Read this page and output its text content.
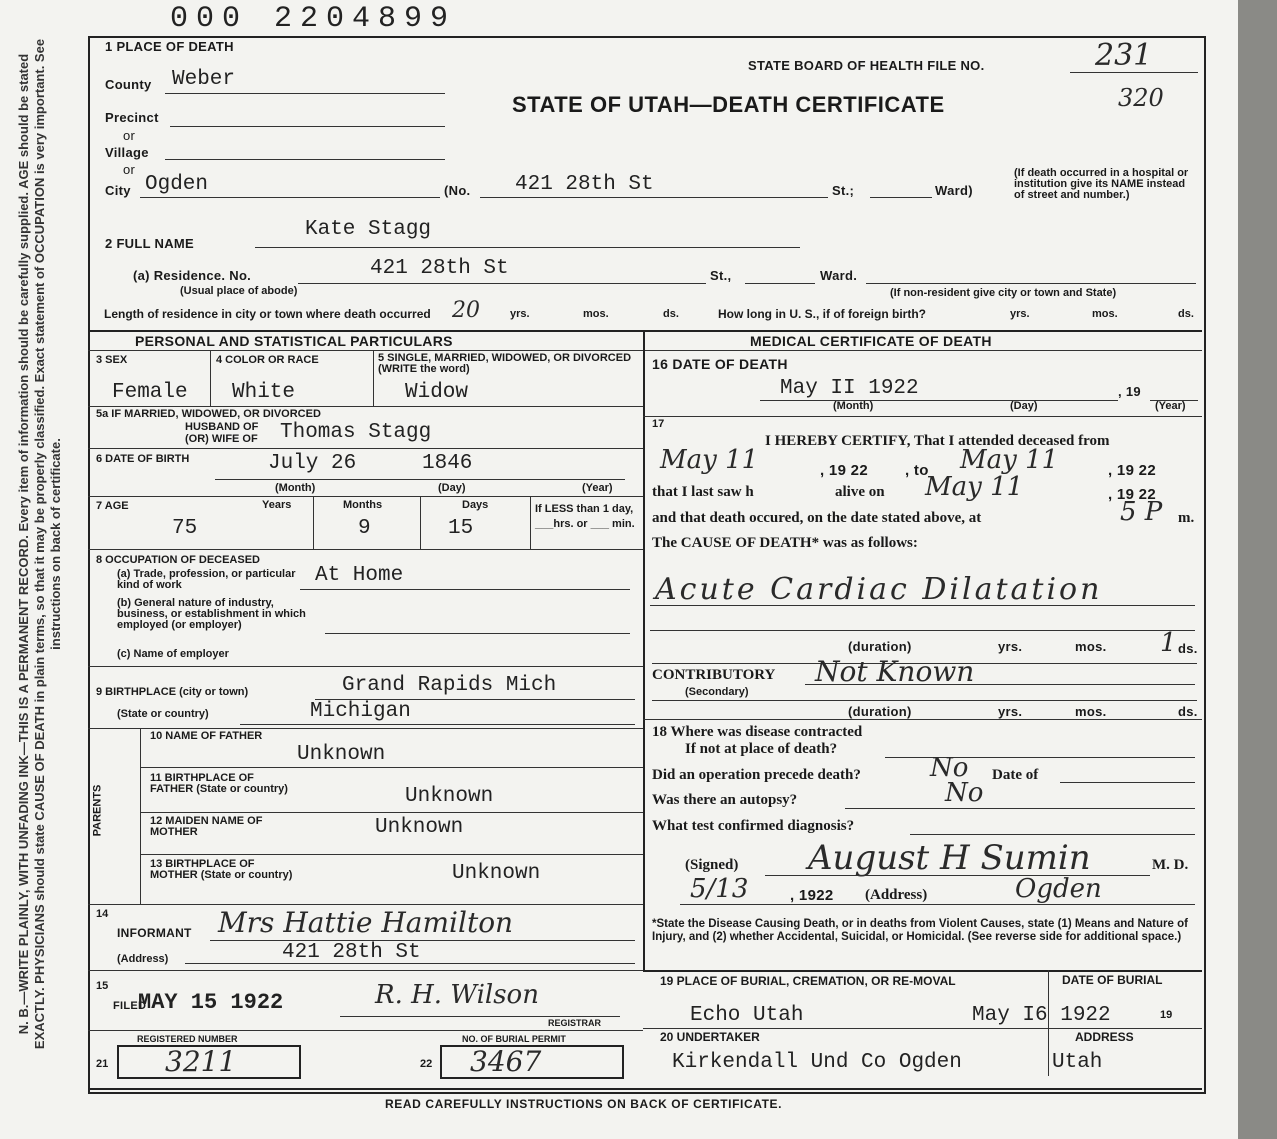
N. B.—WRITE PLAINLY, WITH UNFADING INK—THIS IS A PERMANENT RECORD. Every item of information should be carefully supplied. AGE should be stated EXACTLY. PHYSICIANS should state CAUSE OF DEATH in plain terms, so that it may be properly classified. Exact statement of OCCUPATION is very important. See instructions on back of certificate.
000 2204899
1 PLACE OF DEATH
STATE BOARD OF HEALTH FILE NO.	231
STATE OF UTAH—DEATH CERTIFICATE	320
County Weber
Precinct
or
Village
or
City Ogden	(No. 421 28th St	St.;	Ward)
(If death occurred in a hospital or institution give its NAME instead of street and number.)
2 FULL NAME
Kate Stagg
(a) Residence. No.	421 28th St	St.,	Ward.
(Usual place of abode)	(If non-resident give city or town and State)
Length of residence in city or town where death occurred 20	yrs.	mos.	ds.	How long in U. S., if of foreign birth?	yrs.	mos.	ds.
PERSONAL AND STATISTICAL PARTICULARS	MEDICAL CERTIFICATE OF DEATH
3 SEX	4 COLOR OR RACE	5 SINGLE, MARRIED, WIDOWED, OR DIVORCED (WRITE the word)
Female White	Widow
5a IF MARRIED, WIDOWED, OR DIVORCED
HUSBAND OF
(OR) WIFE OF Thomas Stagg
6 DATE OF BIRTH	July 26	1846
(Month)	(Day)	(Year)
7 AGE	Years	Months	Days
75	9	15
If LESS than 1 day, ___hrs. or ___ min.
8 OCCUPATION OF DECEASED
(a) Trade, profession, or particular kind of work	At Home
(b) General nature of industry, business, or establishment in which employed (or employer)
(c) Name of employer
9 BIRTHPLACE (city or town)	Grand Rapids Mich
(State or country)	Michigan
PARENTS
10 NAME OF FATHER
Unknown
11 BIRTHPLACE OF FATHER (State or country)	Unknown
12 MAIDEN NAME OF MOTHER	Unknown
13 BIRTHPLACE OF MOTHER (State or country)	Unknown
14
INFORMANT Mrs Hattie Hamilton
(Address)	421 28th St
15
FILED
MAY 15 1922	R. H. Wilson
REGISTRAR
REGISTERED NUMBER
21 3211
NO. OF BURIAL PERMIT
22 3467
16 DATE OF DEATH
May II 1922	, 19
(Month)	(Day)	(Year)
17
I HEREBY CERTIFY, That I attended deceased from
May 11	, 19 22 , to May 11	, 19 22
that I last saw h	alive on May 11	, 19 22
and that death occured, on the date stated above, at	5 P m.
The CAUSE OF DEATH* was as follows:
Acute Cardiac Dilatation
(duration)	yrs.	mos. 1 ds.
CONTRIBUTORY Not Known
(Secondary)
(duration)	yrs.	mos.	ds.
18 Where was disease contracted
If not at place of death?
Did an operation precede death?	No Date of
Was there an autopsy?	No
What test confirmed diagnosis?
(Signed) August H Sumin	M. D.
5/13	, 1922 (Address)	Ogden
*State the Disease Causing Death, or in deaths from Violent Causes, state (1) Means and Nature of Injury, and (2) whether Accidental, Suicidal, or Homicidal. (See reverse side for additional space.)
19 PLACE OF BURIAL, CREMATION, OR RE-MOVAL	DATE OF BURIAL
Echo Utah	May I6 1922	19
20 UNDERTAKER	ADDRESS
Kirkendall Und Co Ogden	Utah
READ CAREFULLY INSTRUCTIONS ON BACK OF CERTIFICATE.
